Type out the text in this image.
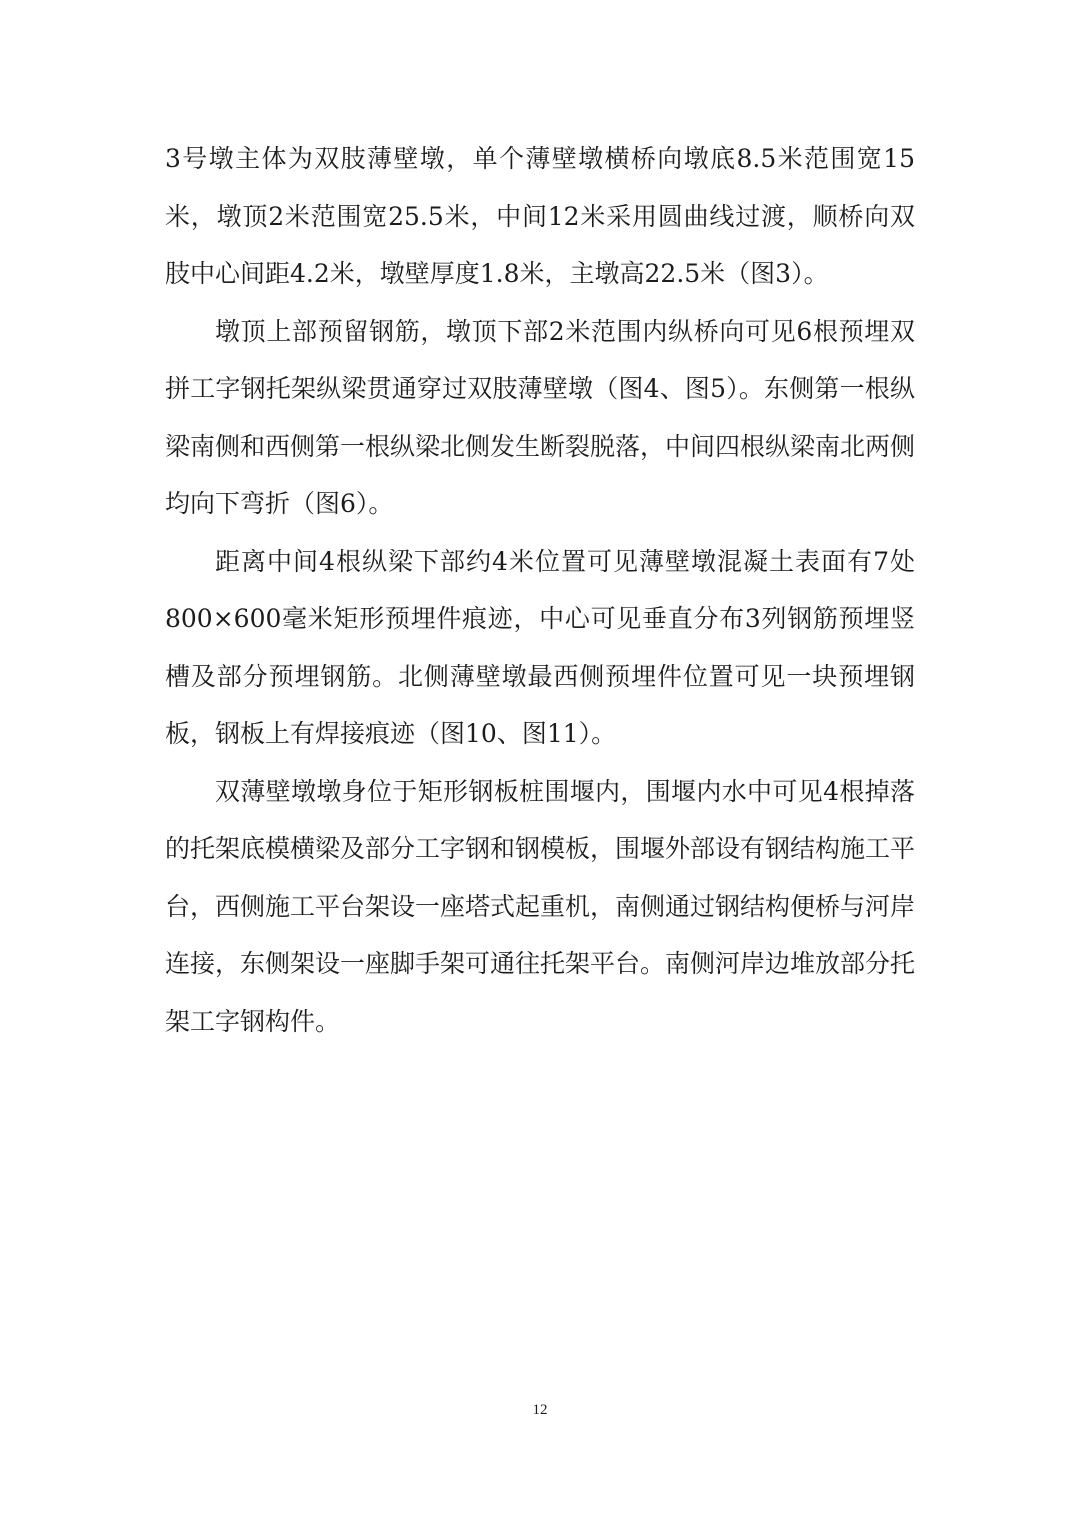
3号墩主体为双肢薄壁墩，单个薄壁墩横桥向墩底8.5米范围宽15米，墩顶2米范围宽25.5米，中间12米采用圆曲线过渡，顺桥向双肢中心间距4.2米，墩壁厚度1.8米，主墩高22.5米（图3）。

墩顶上部预留钢筋，墩顶下部2米范围内纵桥向可见6根预埋双拼工字钢托架纵梁贯通穿过双肢薄壁墩（图4、图5）。东侧第一根纵梁南侧和西侧第一根纵梁北侧发生断裂脱落，中间四根纵梁南北两侧均向下弯折（图6）。

距离中间4根纵梁下部约4米位置可见薄壁墩混凝土表面有7处800×600毫米矩形预埋件痕迹，中心可见垂直分布3列钢筋预埋竖槽及部分预埋钢筋。北侧薄壁墩最西侧预埋件位置可见一块预埋钢板，钢板上有焊接痕迹（图10、图11）。

双薄壁墩墩身位于矩形钢板桩围堰内，围堰内水中可见4根掉落的托架底模横梁及部分工字钢和钢模板，围堰外部设有钢结构施工平台，西侧施工平台架设一座塔式起重机，南侧通过钢结构便桥与河岸连接，东侧架设一座脚手架可通往托架平台。南侧河岸边堆放部分托架工字钢构件。

12
